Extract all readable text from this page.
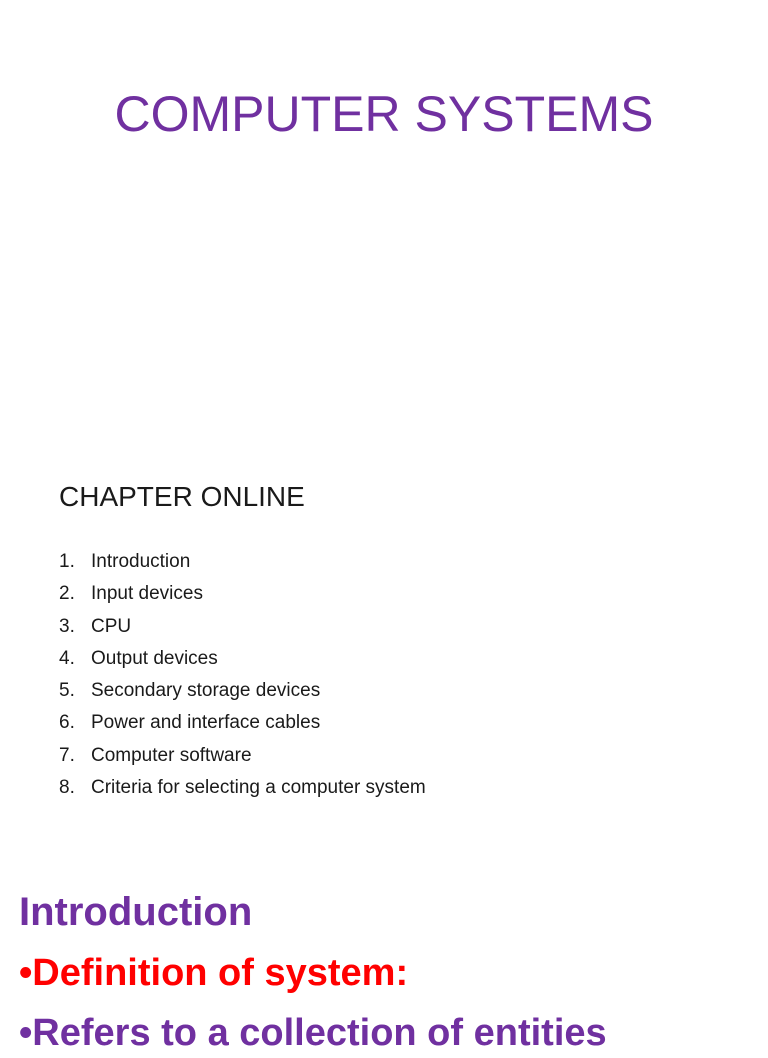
COMPUTER SYSTEMS
CHAPTER ONLINE
1. Introduction
2. Input devices
3. CPU
4. Output devices
5. Secondary storage devices
6. Power and interface cables
7. Computer software
8. Criteria for selecting a computer system
Introduction
•Definition of system:
•Refers to a collection of entities
